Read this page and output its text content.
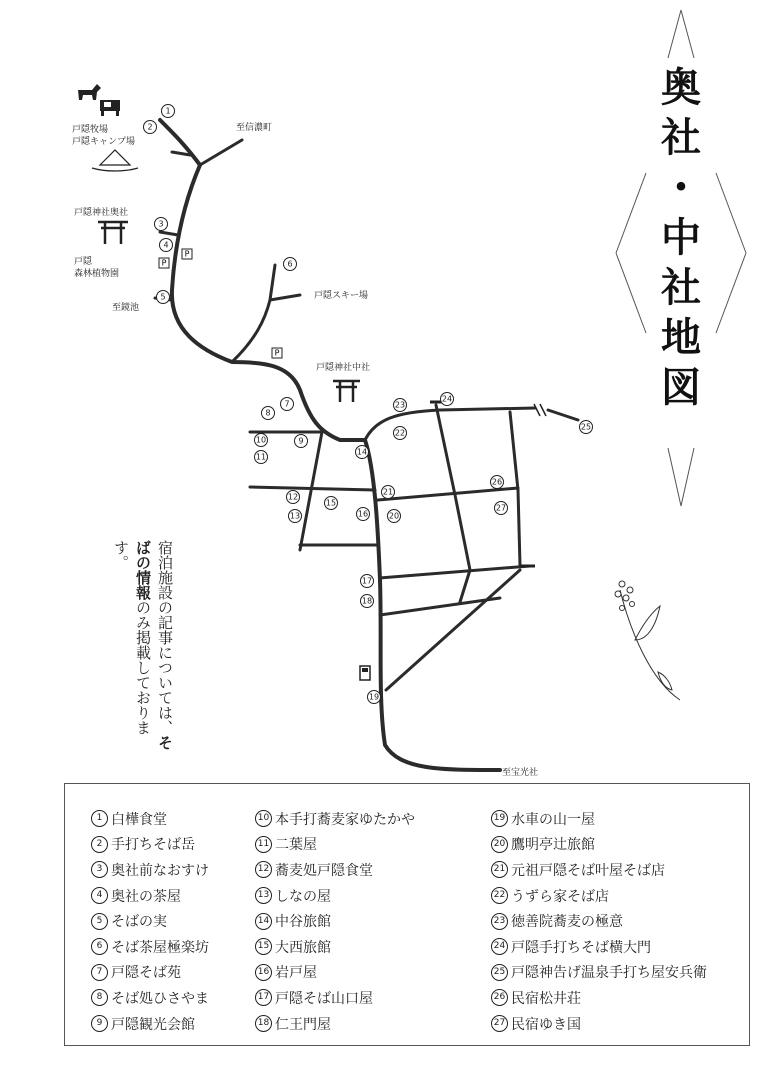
戸隠牧場
戸隠キャンプ場
至信濃町
戸隠神社奥社
戸隠
森林植物園
至鏡池
戸隠スキー場
戸隠神社中社
至宝光社
P
P
P
1
2
3
4
5
6
7
8
9
10
11
12
13
14
15
16
17
18
19
20
21
22
23
24
25
26
27
奥
社
・
中
社
地
図
宿泊施設の記事については、そばの情報のみ掲載しております。
1 白樺食堂
2 手打ちそば岳
3 奥社前なおすけ
4 奥社の茶屋
5 そばの実
6 そば茶屋極楽坊
7 戸隠そば苑
8 そば処ひさやま
9 戸隠観光会館
10 本手打蕎麦家ゆたかや
11 二葉屋
12 蕎麦処戸隠食堂
13 しなの屋
14 中谷旅館
15 大西旅館
16 岩戸屋
17 戸隠そば山口屋
18 仁王門屋
19 水車の山一屋
20 鷹明亭辻旅館
21 元祖戸隠そば叶屋そば店
22 うずら家そば店
23 徳善院蕎麦の極意
24 戸隠手打ちそば横大門
25 戸隠神告げ温泉手打ち屋安兵衛
26 民宿松井荘
27 民宿ゆき国
